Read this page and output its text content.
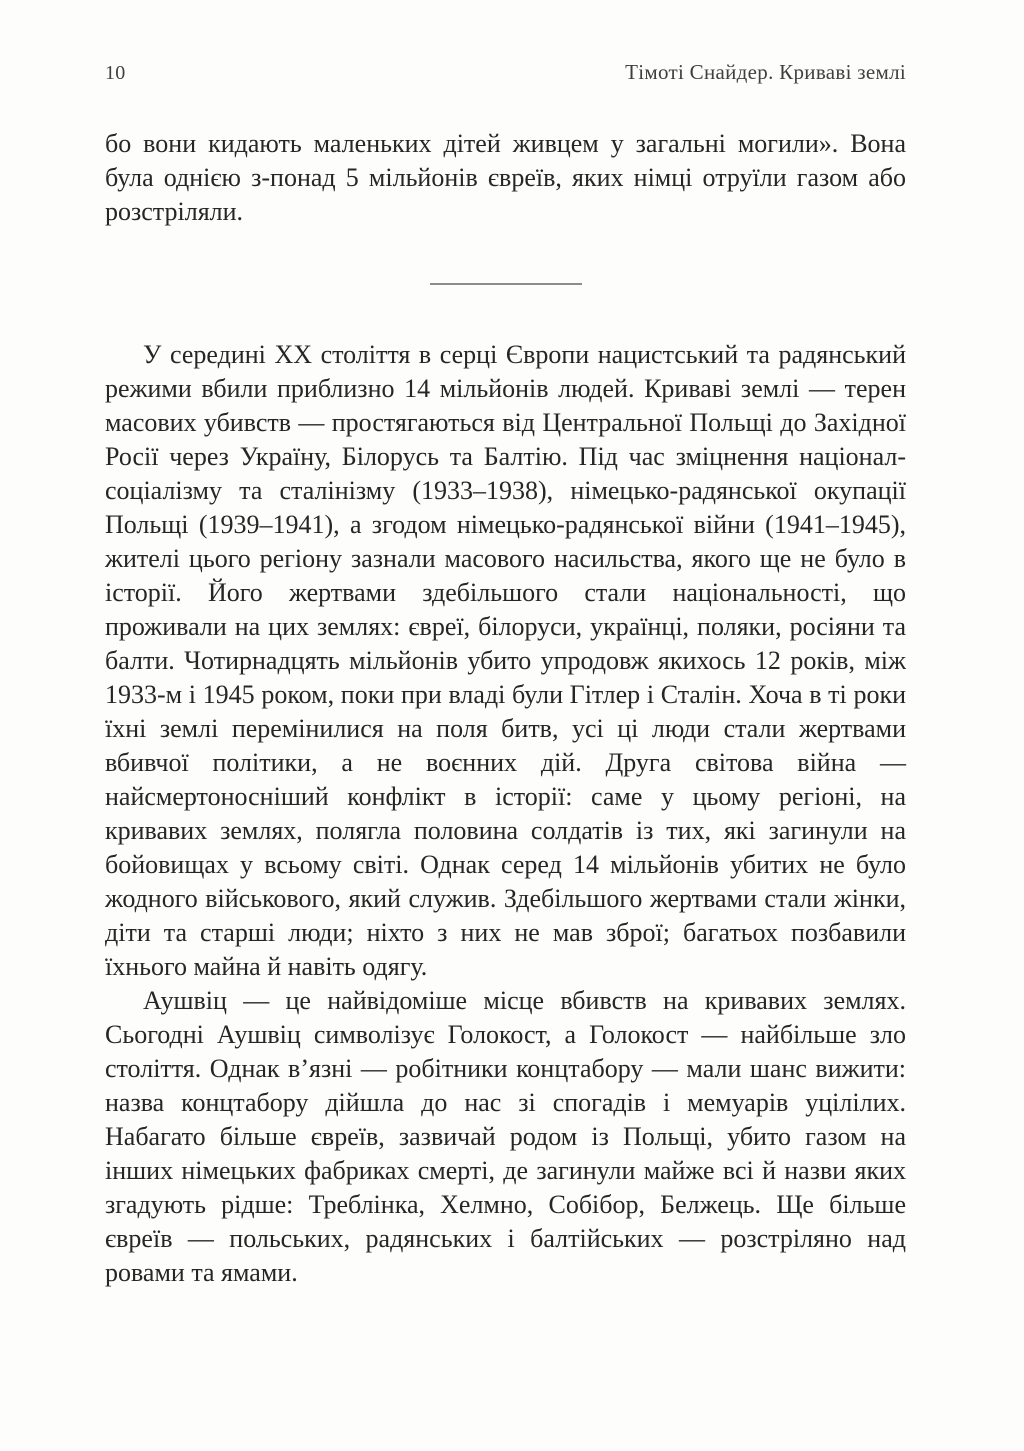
10	Тімоті Снайдер. Криваві землі

бо вони кидають маленьких дітей живцем у загальні могили». Вона була однією з-понад 5 мільйонів євреїв, яких німці отруїли газом або розстріляли.

У середині XX століття в серці Європи нацистський та радянський режими вбили приблизно 14 мільйонів людей. Криваві землі — терен масових убивств — простягаються від Центральної Польщі до Західної Росії через Україну, Білорусь та Балтію. Під час зміцнення націонал-соціалізму та сталінізму (1933–1938), німецько-радянської окупації Польщі (1939–1941), а згодом німецько-радянської війни (1941–1945), жителі цього регіону зазнали масового насильства, якого ще не було в історії. Його жертвами здебільшого стали національності, що проживали на цих землях: євреї, білоруси, українці, поляки, росіяни та балти. Чотирнадцять мільйонів убито упродовж якихось 12 років, між 1933-м і 1945 роком, поки при владі були Гітлер і Сталін. Хоча в ті роки їхні землі перемінилися на поля битв, усі ці люди стали жертвами вбивчої політики, а не воєнних дій. Друга світова війна — найсмертоносніший конфлікт в історії: саме у цьому регіоні, на кривавих землях, полягла половина солдатів із тих, які загинули на бойовищах у всьому світі. Однак серед 14 мільйонів убитих не було жодного військового, який служив. Здебільшого жертвами стали жінки, діти та старші люди; ніхто з них не мав зброї; багатьох позбавили їхнього майна й навіть одягу.

Аушвіц — це найвідоміше місце вбивств на кривавих землях. Сьогодні Аушвіц символізує Голокост, а Голокост — найбільше зло століття. Однак в’язні — робітники концтабору — мали шанс вижити: назва концтабору дійшла до нас зі спогадів і мемуарів уцілілих. Набагато більше євреїв, зазвичай родом із Польщі, убито газом на інших німецьких фабриках смерті, де загинули майже всі й назви яких згадують рідше: Треблінка, Хелмно, Собібор, Белжець. Ще більше євреїв — польських, радянських і балтійських — розстріляно над ровами та ямами.
